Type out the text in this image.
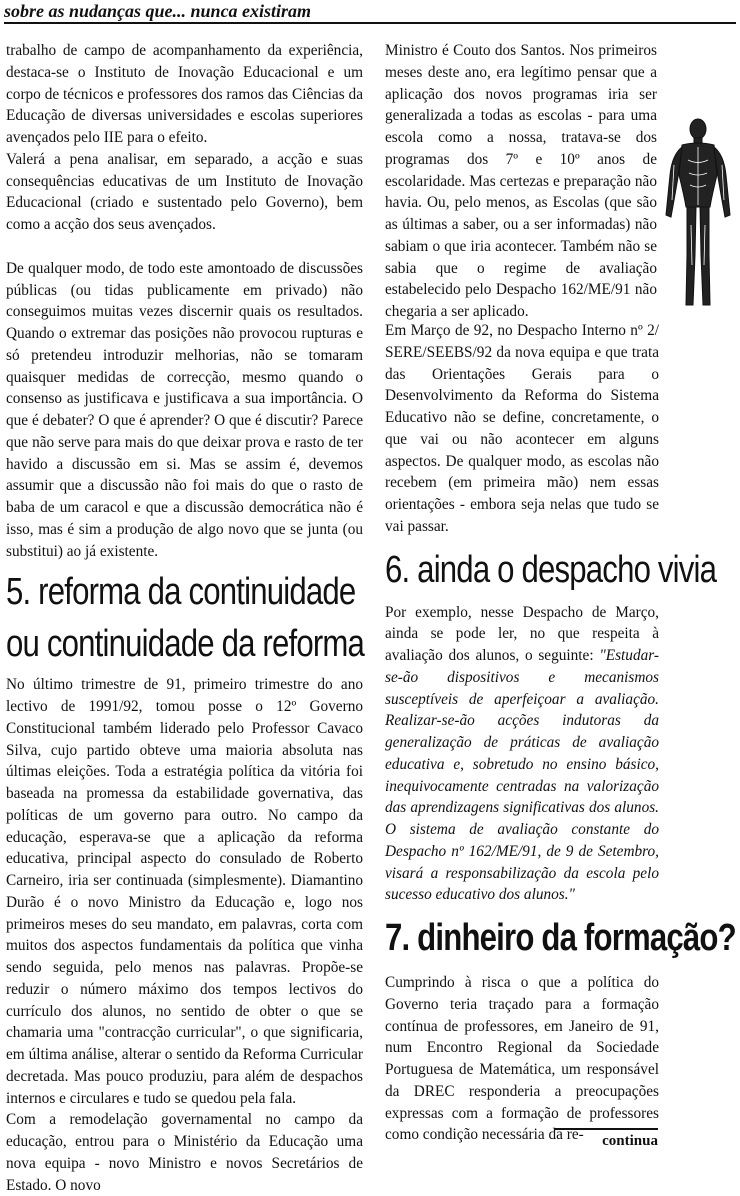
sobre as nudanças que... nunca existiram

trabalho de campo de acompanhamento da experiência, destaca-se o Instituto de Inovação Educacional e um corpo de técnicos e professores dos ramos das Ciências da Educação de diversas universidades e escolas superiores avençados pelo IIE para o efeito.

Valerá a pena analisar, em separado, a acção e suas consequências educativas de um Instituto de Inovação Educacional (criado e sustentado pelo Governo), bem como a acção dos seus avençados.

De qualquer modo, de todo este amontoado de discussões públicas (ou tidas publicamente em privado) não conseguimos muitas vezes discernir quais os resultados. Quando o extremar das posições não provocou rupturas e só pretendeu introduzir melhorias, não se tomaram quaisquer medidas de correcção, mesmo quando o consenso as justificava e justificava a sua importância. O que é debater? O que é aprender? O que é discutir? Parece que não serve para mais do que deixar prova e rasto de ter havido a discussão em si. Mas se assim é, devemos assumir que a discussão não foi mais do que o rasto de baba de um caracol e que a discussão democrática não é isso, mas é sim a produção de algo novo que se junta (ou substitui) ao já existente.

5. reforma da continuidade
ou continuidade da reforma

No último trimestre de 91, primeiro trimestre do ano lectivo de 1991/92, tomou posse o 12º Governo Constitucional também liderado pelo Professor Cavaco Silva, cujo partido obteve uma maioria absoluta nas últimas eleições. Toda a estratégia política da vitória foi baseada na promessa da estabilidade governativa, das políticas de um governo para outro. No campo da educação, esperava-se que a aplicação da reforma educativa, principal aspecto do consulado de Roberto Carneiro, iria ser continuada (simplesmente). Diamantino Durão é o novo Ministro da Educação e, logo nos primeiros meses do seu mandato, em palavras, corta com muitos dos aspectos fundamentais da política que vinha sendo seguida, pelo menos nas palavras. Propõe-se reduzir o número máximo dos tempos lectivos do currículo dos alunos, no sentido de obter o que se chamaria uma "contracção curricular", o que significaria, em última análise, alterar o sentido da Reforma Curricular decretada. Mas pouco produziu, para além de despachos internos e circulares e tudo se quedou pela fala.

Com a remodelação governamental no campo da educação, entrou para o Ministério da Educação uma nova equipa - novo Ministro e novos Secretários de Estado. O novo

Ministro é Couto dos Santos. Nos primeiros meses deste ano, era legítimo pensar que a aplicação dos novos programas iria ser generalizada a todas as escolas - para uma escola como a nossa, tratava-se dos programas dos 7º e 10º anos de escolaridade. Mas certezas e preparação não havia. Ou, pelo menos, as Escolas (que são as últimas a saber, ou a ser informadas) não sabiam o que iria acontecer. Também não se sabia que o regime de avaliação estabelecido pelo Despacho 162/ME/91 não chegaria a ser aplicado.

Em Março de 92, no Despacho Interno nº 2/ SERE/SEEBS/92 da nova equipa e que trata das Orientações Gerais para o Desenvolvimento da Reforma do Sistema Educativo não se define, concretamente, o que vai ou não acontecer em alguns aspectos. De qualquer modo, as escolas não recebem (em primeira mão) nem essas orientações - embora seja nelas que tudo se vai passar.

6. ainda o despacho vivia

Por exemplo, nesse Despacho de Março, ainda se pode ler, no que respeita à avaliação dos alunos, o seguinte: "Estudar-se-ão dispositivos e mecanismos susceptíveis de aperfeiçoar a avaliação. Realizar-se-ão acções indutoras da generalização de práticas de avaliação educativa e, sobretudo no ensino básico, inequivocamente centradas na valorização das aprendizagens significativas dos alunos. O sistema de avaliação constante do Despacho nº 162/ME/91, de 9 de Setembro, visará a responsabilização da escola pelo sucesso educativo dos alunos."

7. dinheiro da formação?

Cumprindo à risca o que a política do Governo teria traçado para a formação contínua de professores, em Janeiro de 91, num Encontro Regional da Sociedade Portuguesa de Matemática, um responsável da DREC responderia a preocupações expressas com a formação de professores como condição necessária da re-	continua
